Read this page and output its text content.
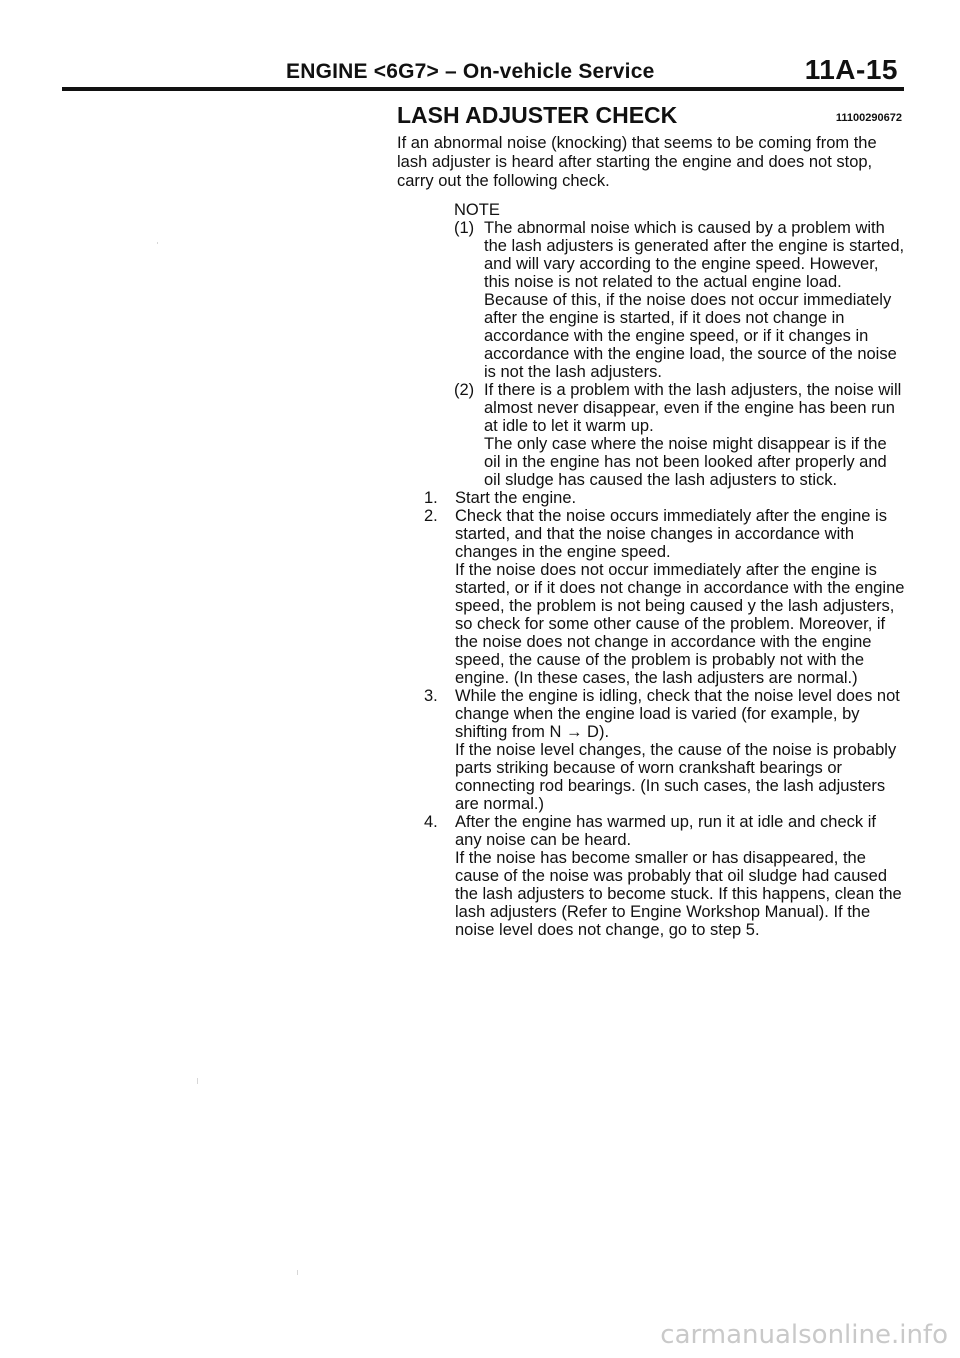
ENGINE <6G7> – On-vehicle Service	11A-15
LASH ADJUSTER CHECK	11100290672

If an abnormal noise (knocking) that seems to be coming from the lash adjuster is heard after starting the engine and does not stop, carry out the following check.

NOTE
(1) The abnormal noise which is caused by a problem with the lash adjusters is generated after the engine is started, and will vary according to the engine speed. However, this noise is not related to the actual engine load.

Because of this, if the noise does not occur immediately after the engine is started, if it does not change in accordance with the engine speed, or if it changes in accordance with the engine load, the source of the noise is not the lash adjusters.

(2) If there is a problem with the lash adjusters, the noise will almost never disappear, even if the engine has been run at idle to let it warm up.

The only case where the noise might disappear is if the oil in the engine has not been looked after properly and oil sludge has caused the lash adjusters to stick.

1. Start the engine.

2. Check that the noise occurs immediately after the engine is started, and that the noise changes in accordance with changes in the engine speed.

If the noise does not occur immediately after the engine is started, or if it does not change in accordance with the engine speed, the problem is not being caused y the lash adjusters, so check for some other cause of the problem. Moreover, if the noise does not change in accordance with the engine speed, the cause of the problem is probably not with the engine. (In these cases, the lash adjusters are normal.)

3. While the engine is idling, check that the noise level does not change when the engine load is varied (for example, by shifting from N → D).

If the noise level changes, the cause of the noise is probably parts striking because of worn crankshaft bearings or connecting rod bearings. (In such cases, the lash adjusters are normal.)

4. After the engine has warmed up, run it at idle and check if any noise can be heard.

If the noise has become smaller or has disappeared, the cause of the noise was probably that oil sludge had caused the lash adjusters to become stuck. If this happens, clean the lash adjusters (Refer to Engine Workshop Manual). If the noise level does not change, go to step 5.

carmanualsonline.info
